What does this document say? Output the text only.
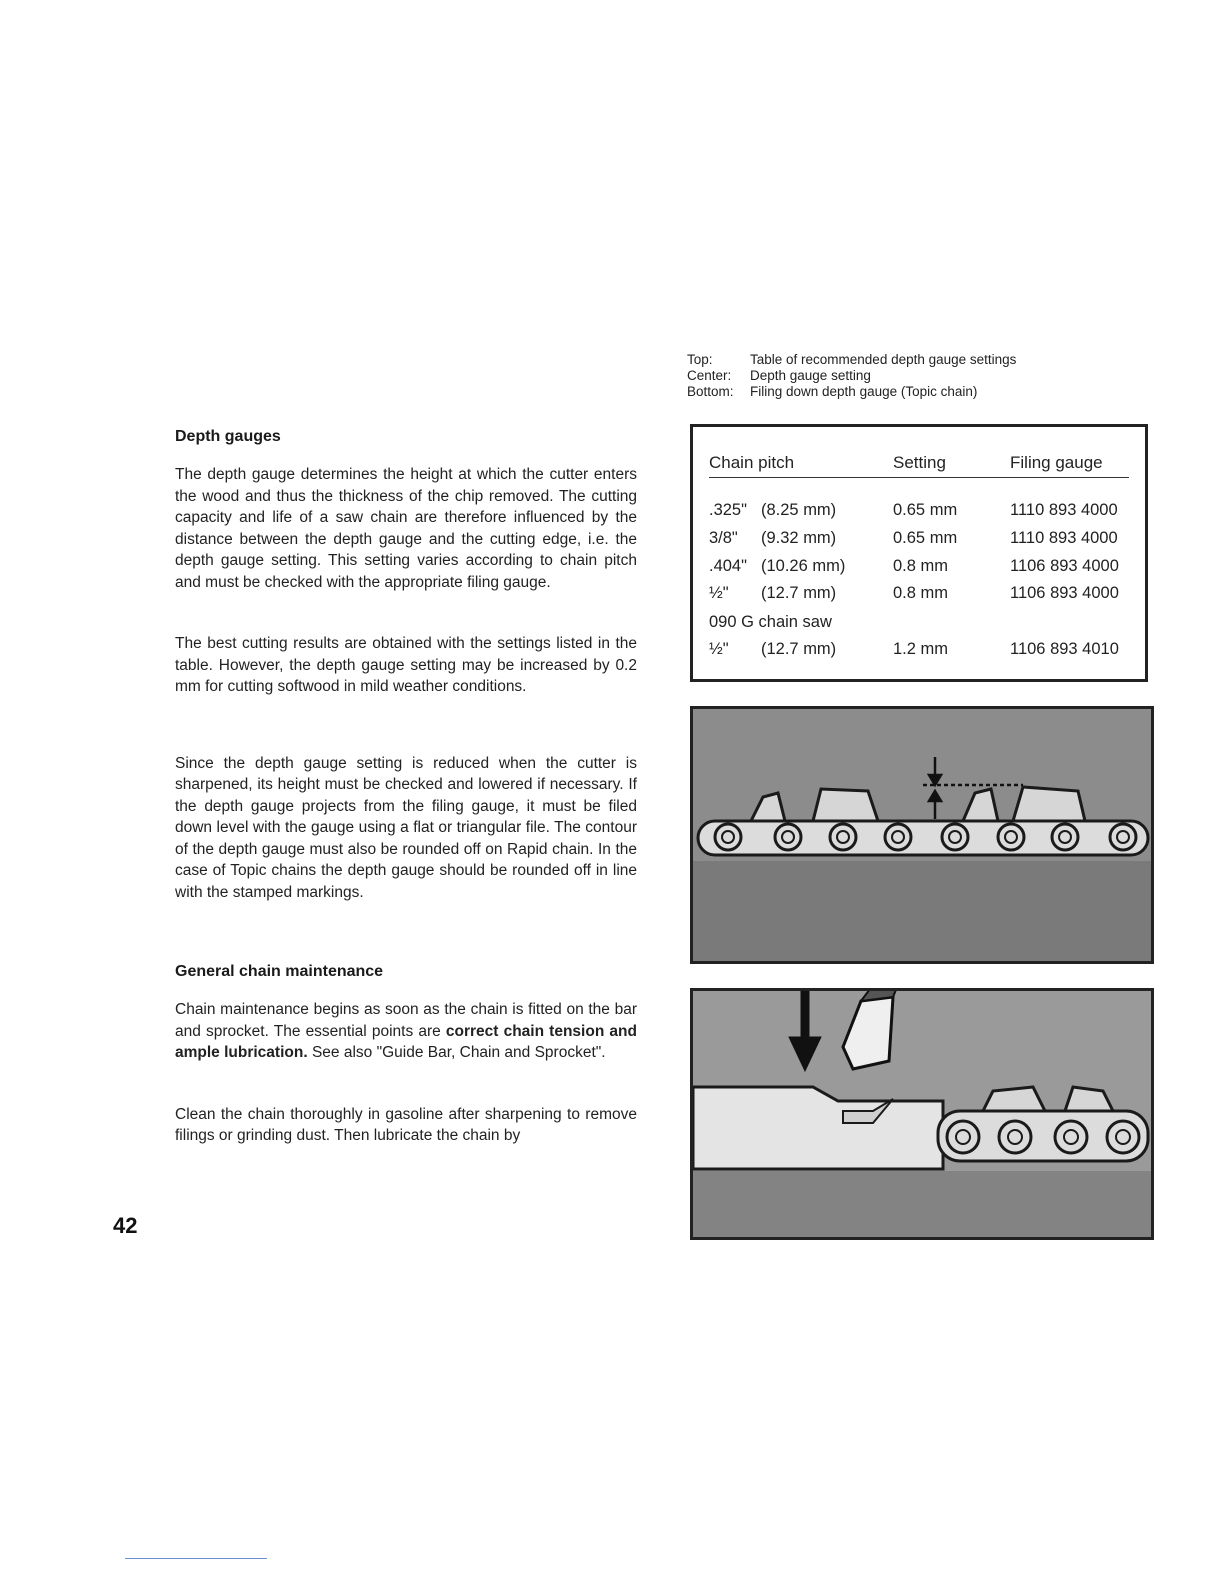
Depth gauges

The depth gauge determines the height at which the cutter enters the wood and thus the thickness of the chip removed. The cutting capacity and life of a saw chain are therefore influenced by the distance between the depth gauge and the cutting edge, i.e. the depth gauge setting. This setting varies according to chain pitch and must be checked with the appropriate filing gauge.

The best cutting results are obtained with the settings listed in the table. However, the depth gauge setting may be increased by 0.2 mm for cutting softwood in mild weather conditions.

Since the depth gauge setting is reduced when the cutter is sharpened, its height must be checked and lowered if necessary. If the depth gauge projects from the filing gauge, it must be filed down level with the gauge using a flat or triangular file. The contour of the depth gauge must also be rounded off on Rapid chain. In the case of Topic chains the depth gauge should be rounded off in line with the stamped markings.

General chain maintenance

Chain maintenance begins as soon as the chain is fitted on the bar and sprocket. The essential points are correct chain tension and ample lubrication. See also "Guide Bar, Chain and Sprocket".

Clean the chain thoroughly in gasoline after sharpening to remove filings or grinding dust. Then lubricate the chain by

42
Top:	Table of recommended depth gauge settings
Center:	Depth gauge setting
Bottom:	Filing down depth gauge (Topic chain)
Chain pitch	Setting	Filing gauge
.325" (8.25 mm)	0.65 mm	1110 893 4000
3/8" (9.32 mm)	0.65 mm	1110 893 4000
.404" (10.26 mm)	0.8 mm	1106 893 4000
½" (12.7 mm)	0.8 mm	1106 893 4000
090 G chain saw
½" (12.7 mm)	1.2 mm	1106 893 4010
